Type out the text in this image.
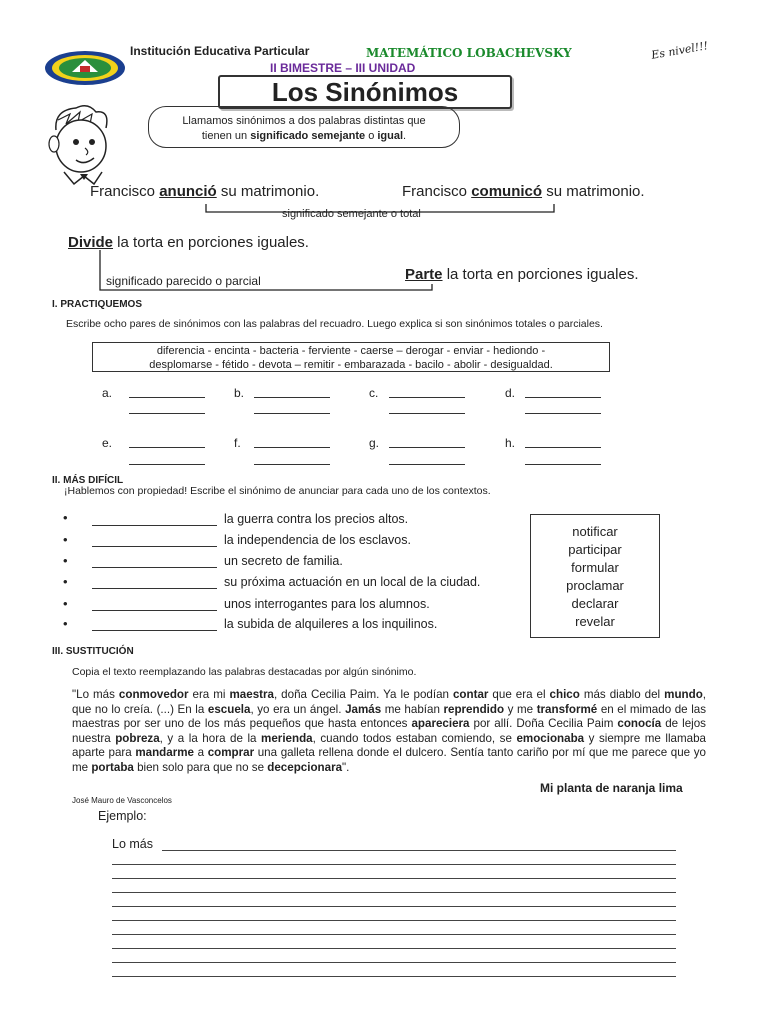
Institución Educativa Particular	MATEMÁTICO LOBACHEVSKY
II BIMESTRE – III UNIDAD
Es nivel!!!
Los Sinónimos
Llamamos sinónimos a dos palabras distintas que
tienen un significado semejante o igual.
Francisco anunció su matrimonio.	Francisco comunicó su matrimonio.
significado semejante o total
Divide la torta en porciones iguales.
significado parecido o parcial	Parte la torta en porciones iguales.
I. PRACTIQUEMOS
Escribe ocho pares de sinónimos con las palabras del recuadro. Luego explica si son sinónimos totales o parciales.
diferencia - encinta - bacteria - ferviente - caerse – derogar - enviar - hediondo -
desplomarse - fétido - devota – remitir - embarazada - bacilo - abolir - desigualdad.
a.	b.	c.	d.
e.	f.	g.	h.
II. MÁS DIFÍCIL
¡Hablemos con propiedad! Escribe el sinónimo de anunciar para cada uno de los contextos.
•	la guerra contra los precios altos.
•	la independencia de los esclavos.
•	un secreto de familia.
•	su próxima actuación en un local de la ciudad.
•	unos interrogantes para los alumnos.
•	la subida de alquileres a los inquilinos.
notificar
participar
formular
proclamar
declarar
revelar
III. SUSTITUCIÓN
Copia el texto reemplazando las palabras destacadas por algún sinónimo.
"Lo más conmovedor era mi maestra, doña Cecilia Paim. Ya le podían contar que era el chico más diablo del mundo, que no lo creía. (...) En la escuela, yo era un ángel. Jamás me habían reprendido y me transformé en el mimado de las maestras por ser uno de los más pequeños que hasta entonces apareciera por allí. Doña Cecilia Paim conocía de lejos nuestra pobreza, y a la hora de la merienda, cuando todos estaban comiendo, se emocionaba y siempre me llamaba aparte para mandarme a comprar una galleta rellena donde el dulcero. Sentía tanto cariño por mí que me parece que yo me portaba bien solo para que no se decepcionara".
Mi planta de naranja lima
José Mauro de Vasconcelos
Ejemplo:
Lo más
